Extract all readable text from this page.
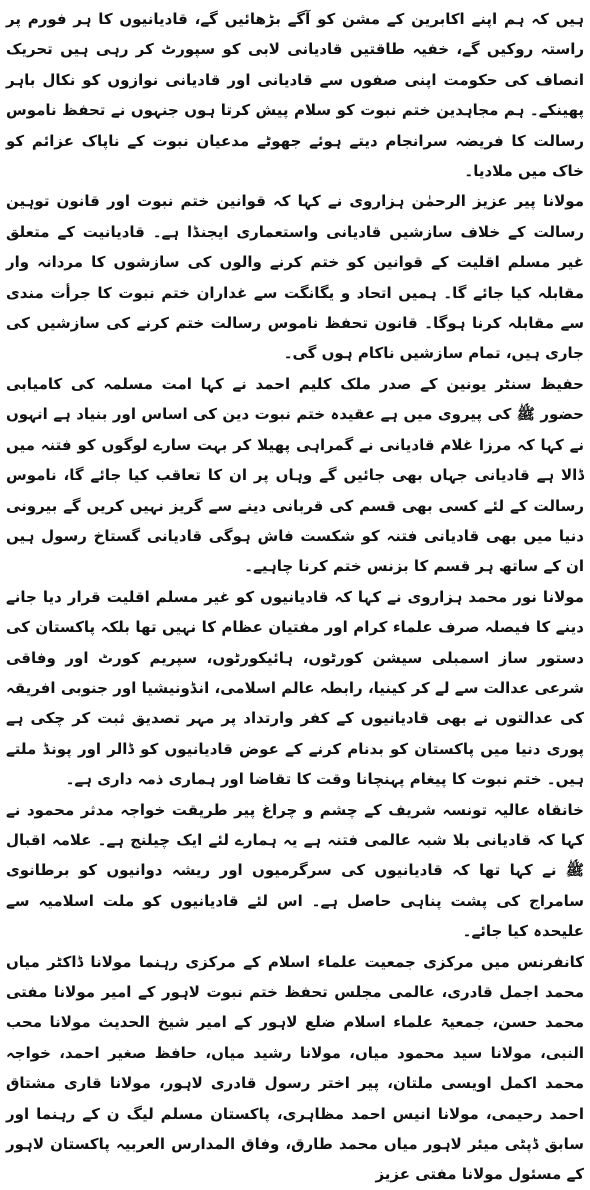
ہیں کہ ہم اپنے اکابرین کے مشن کو آگے بڑھائیں گے، قادیانیوں کا ہر فورم پر راستہ روکیں گے، خفیہ طاقتیں قادیانی لابی کو سپورٹ کر رہی ہیں تحریک انصاف کی حکومت اپنی صفوں سے قادیانی اور قادیانی نوازوں کو نکال باہر پھینکے۔ ہم مجاہدین ختم نبوت کو سلام پیش کرتا ہوں جنہوں نے تحفظ ناموس رسالت کا فریضہ سرانجام دیتے ہوئے جھوٹے مدعیان نبوت کے ناپاک عزائم کو خاک میں ملادیا۔

مولانا پیر عزیز الرحمٰن ہزاروی نے کہا کہ قوانین ختم نبوت اور قانون توہین رسالت کے خلاف سازشیں قادیانی واستعماری ایجنڈا ہے۔ قادیانیت کے متعلق غیر مسلم اقلیت کے قوانین کو ختم کرنے والوں کی سازشوں کا مردانہ وار مقابلہ کیا جائے گا۔ ہمیں اتحاد و یگانگت سے غداران ختم نبوت کا جرأت مندی سے مقابلہ کرنا ہوگا۔ قانون تحفظ ناموس رسالت ختم کرنے کی سازشیں کی جاری ہیں، تمام سازشیں ناکام ہوں گی۔

حفیظ سنٹر یونین کے صدر ملک کلیم احمد نے کہا امت مسلمہ کی کامیابی حضور ﷺ کی پیروی میں ہے عقیدہ ختم نبوت دین کی اساس اور بنیاد ہے انہوں نے کہا کہ مرزا غلام قادیانی نے گمراہی پھیلا کر بہت سارے لوگوں کو فتنہ میں ڈالا ہے قادیانی جہاں بھی جائیں گے وہاں پر ان کا تعاقب کیا جائے گا، ناموس رسالت کے لئے کسی بھی قسم کی قربانی دینے سے گریز نہیں کریں گے بیرونی دنیا میں بھی قادیانی فتنہ کو شکست فاش ہوگی قادیانی گستاخ رسول ہیں ان کے ساتھ ہر قسم کا بزنس ختم کرنا چاہیے۔

مولانا نور محمد ہزاروی نے کہا کہ قادیانیوں کو غیر مسلم اقلیت قرار دیا جانے دینے کا فیصلہ صرف علماء کرام اور مفتیان عظام کا نہیں تھا بلکہ پاکستان کی دستور ساز اسمبلی سیشن کورٹوں، ہائیکورٹوں، سپریم کورٹ اور وفاقی شرعی عدالت سے لے کر کینیا، رابطہ عالم اسلامی، انڈونیشیا اور جنوبی افریقہ کی عدالتوں نے بھی قادیانیوں کے کفر وارتداد پر مہر تصدیق ثبت کر چکی ہے پوری دنیا میں پاکستان کو بدنام کرنے کے عوض قادیانیوں کو ڈالر اور پونڈ ملتے ہیں۔ ختم نبوت کا پیغام پہنچانا وقت کا تقاضا اور ہماری ذمہ داری ہے۔

خانقاہ عالیہ تونسہ شریف کے چشم و چراغ پیر طریقت خواجہ مدثر محمود نے کہا کہ قادیانی بلا شبہ عالمی فتنہ ہے یہ ہمارے لئے ایک چیلنج ہے۔ علامہ اقبال ﷺ نے کہا تھا کہ قادیانیوں کی سرگرمیوں اور ریشہ دوانیوں کو برطانوی سامراج کی پشت پناہی حاصل ہے۔ اس لئے قادیانیوں کو ملت اسلامیہ سے علیحدہ کیا جائے۔

کانفرنس میں مرکزی جمعیت علماء اسلام کے مرکزی رہنما مولانا ڈاکٹر میاں محمد اجمل قادری، عالمی مجلس تحفظ ختم نبوت لاہور کے امیر مولانا مفتی محمد حسن، جمعیۃ علماء اسلام ضلع لاہور کے امیر شیخ الحدیث مولانا محب النبی، مولانا سید محمود میاں، مولانا رشید میاں، حافظ صغیر احمد، خواجہ محمد اکمل اویسی ملتان، پیر اختر رسول قادری لاہور، مولانا قاری مشتاق احمد رحیمی، مولانا انیس احمد مظاہری، پاکستان مسلم لیگ ن کے رہنما اور سابق ڈپٹی میئر لاہور میاں محمد طارق، وفاق المدارس العربیہ پاکستان لاہور کے مسئول مولانا مفتی عزیز
